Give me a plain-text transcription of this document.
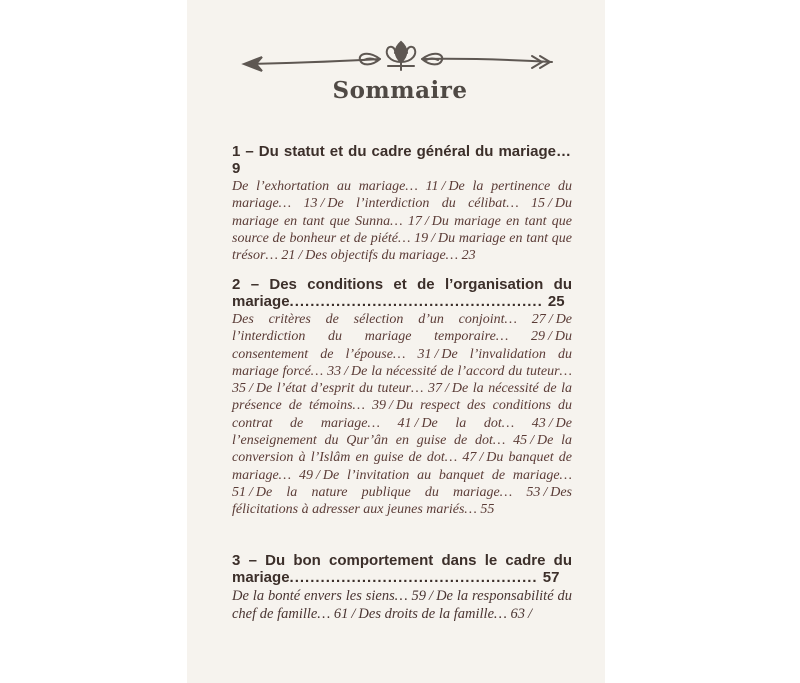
Sommaire
1 – Du statut et du cadre général du mariage… 9
De l’exhortation au mariage… 11 / De la pertinence du mariage… 13 / De l’interdiction du célibat… 15 / Du mariage en tant que Sunna… 17 / Du mariage en tant que source de bonheur et de piété… 19 / Du mariage en tant que trésor… 21 / Des objectifs du mariage… 23
2 – Des conditions et de l’organisation du mariage................................................. 25
Des critères de sélection d’un conjoint… 27 / De l’interdiction du mariage temporaire… 29 / Du consentement de l’épouse… 31 / De l’invalidation du mariage forcé… 33 / De la nécessité de l’accord du tuteur… 35 / De l’état d’esprit du tuteur… 37 / De la nécessité de la présence de témoins… 39 / Du respect des conditions du contrat de mariage… 41 / De la dot… 43 / De l’enseignement du Qur’ân en guise de dot… 45 / De la conversion à l’Islâm en guise de dot… 47 / Du banquet de mariage… 49 / De l’invitation au banquet de mariage… 51 / De la nature publique du mariage… 53 / Des félicitations à adresser aux jeunes mariés… 55
3 – Du bon comportement dans le cadre du mariage................................................ 57
De la bonté envers les siens… 59 / De la responsabilité du chef de famille… 61 / Des droits de la famille… 63 /
